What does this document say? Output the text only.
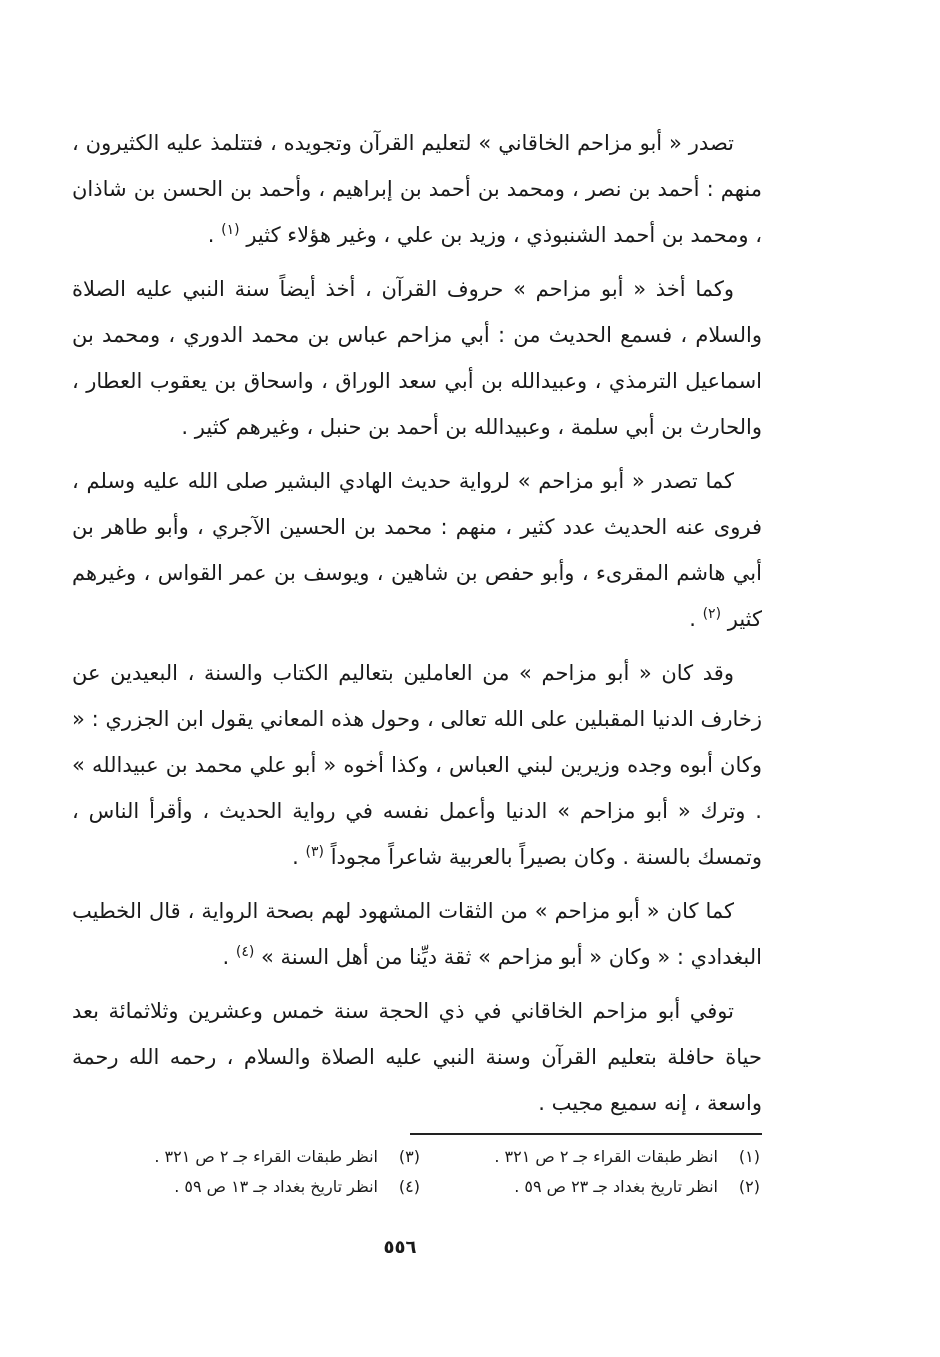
تصدر « أبو مزاحم الخاقاني » لتعليم القرآن وتجويده ، فتتلمذ عليه الكثيرون ، منهم : أحمد بن نصر ، ومحمد بن أحمد بن إبراهيم ، وأحمد بن الحسن بن شاذان ، ومحمد بن أحمد الشنبوذي ، وزيد بن علي ، وغير هؤلاء كثير $^{(١)}$ .

وكما أخذ « أبو مزاحم » حروف القرآن ، أخذ أيضاً سنة النبي عليه الصلاة والسلام ، فسمع الحديث من : أبي مزاحم عباس بن محمد الدوري ، ومحمد بن اسماعيل الترمذي ، وعبيدالله بن أبي سعد الوراق ، واسحاق بن يعقوب العطار ، والحارث بن أبي سلمة ، وعبيدالله بن أحمد بن حنبل ، وغيرهم كثير .

كما تصدر « أبو مزاحم » لرواية حديث الهادي البشير صلى الله عليه وسلم ، فروى عنه الحديث عدد كثير ، منهم : محمد بن الحسين الآجري ، وأبو طاهر بن أبي هاشم المقرىء ، وأبو حفص بن شاهين ، ويوسف بن عمر القواس ، وغيرهم كثير $^{(٢)}$ .

وقد كان « أبو مزاحم » من العاملين بتعاليم الكتاب والسنة ، البعيدين عن زخارف الدنيا المقبلين على الله تعالى ، وحول هذه المعاني يقول ابن الجزري : « وكان أبوه وجده وزيرين لبني العباس ، وكذا أخوه « أبو علي محمد بن عبيدالله » . وترك « أبو مزاحم » الدنيا وأعمل نفسه في رواية الحديث ، وأقرأ الناس ، وتمسك بالسنة . وكان بصيراً بالعربية شاعراً مجوداً $^{(٣)}$ .

كما كان « أبو مزاحم » من الثقات المشهود لهم بصحة الرواية ، قال الخطيب البغدادي : « وكان « أبو مزاحم » ثقة ديِّنا من أهل السنة » $^{(٤)}$ .

توفي أبو مزاحم الخاقاني في ذي الحجة سنة خمس وعشرين وثلاثمائة بعد حياة حافلة بتعليم القرآن وسنة النبي عليه الصلاة والسلام ، رحمه الله رحمة واسعة ، إنه سميع مجيب .

(١)انظر طبقات القراء جـ ٢ ص ٣٢١ .
(٢)انظر تاريخ بغداد جـ ٢٣ ص ٥٩ .
(٣)انظر طبقات القراء جـ ٢ ص ٣٢١ .
(٤)انظر تاريخ بغداد جـ ١٣ ص ٥٩ .
٥٥٦
